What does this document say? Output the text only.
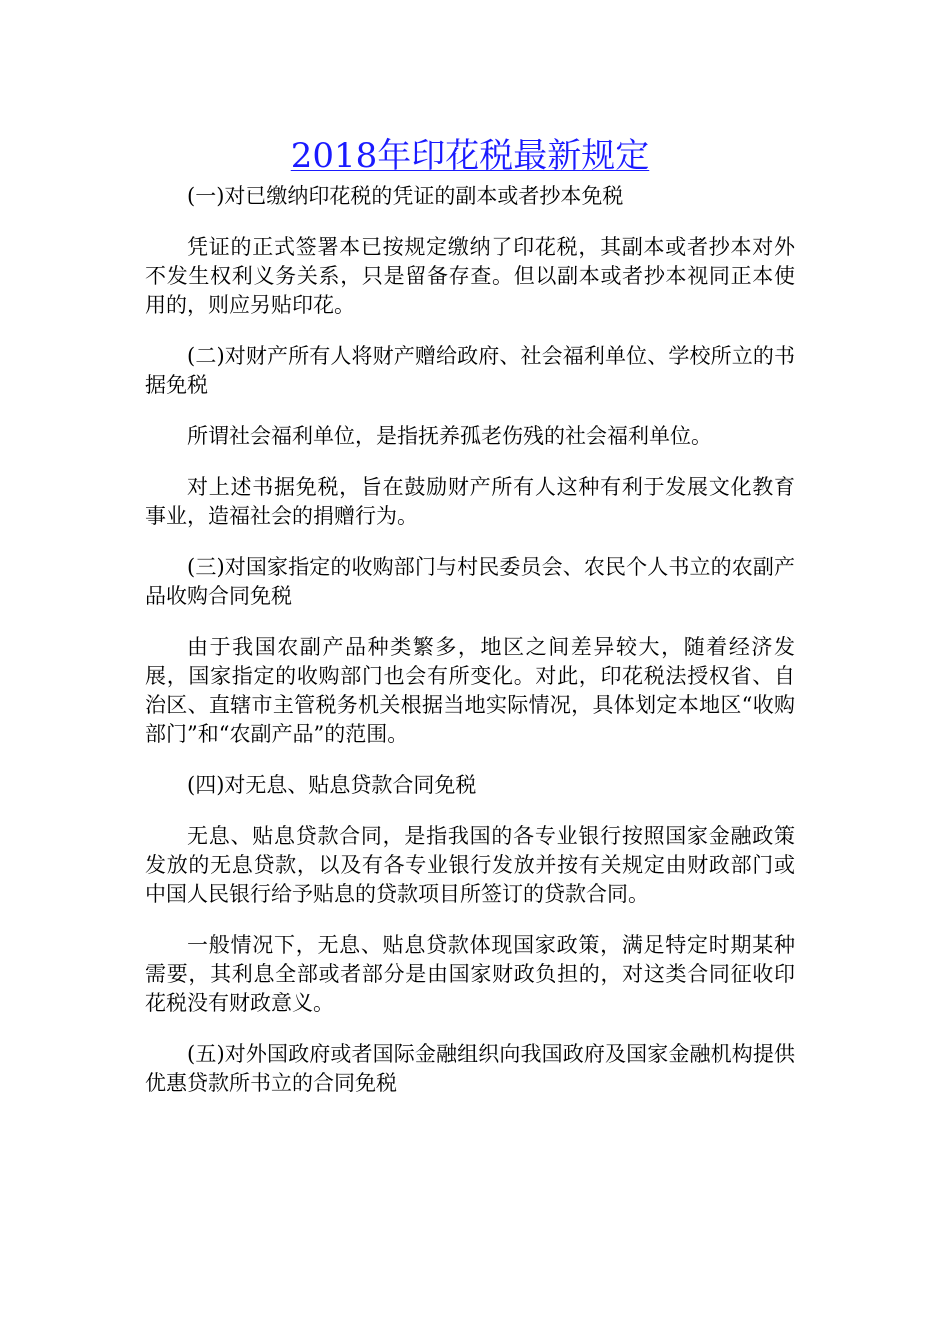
2018年印花税最新规定

(一)对已缴纳印花税的凭证的副本或者抄本免税

凭证的正式签署本已按规定缴纳了印花税，其副本或者抄本对外不发生权利义务关系，只是留备存查。但以副本或者抄本视同正本使用的，则应另贴印花。

(二)对财产所有人将财产赠给政府、社会福利单位、学校所立的书据免税

所谓社会福利单位，是指抚养孤老伤残的社会福利单位。

对上述书据免税，旨在鼓励财产所有人这种有利于发展文化教育事业，造福社会的捐赠行为。

(三)对国家指定的收购部门与村民委员会、农民个人书立的农副产品收购合同免税

由于我国农副产品种类繁多，地区之间差异较大，随着经济发展，国家指定的收购部门也会有所变化。对此，印花税法授权省、自治区、直辖市主管税务机关根据当地实际情况，具体划定本地区“收购部门”和“农副产品”的范围。

(四)对无息、贴息贷款合同免税

无息、贴息贷款合同，是指我国的各专业银行按照国家金融政策发放的无息贷款，以及有各专业银行发放并按有关规定由财政部门或中国人民银行给予贴息的贷款项目所签订的贷款合同。

一般情况下，无息、贴息贷款体现国家政策，满足特定时期某种需要，其利息全部或者部分是由国家财政负担的，对这类合同征收印花税没有财政意义。

(五)对外国政府或者国际金融组织向我国政府及国家金融机构提供优惠贷款所书立的合同免税
